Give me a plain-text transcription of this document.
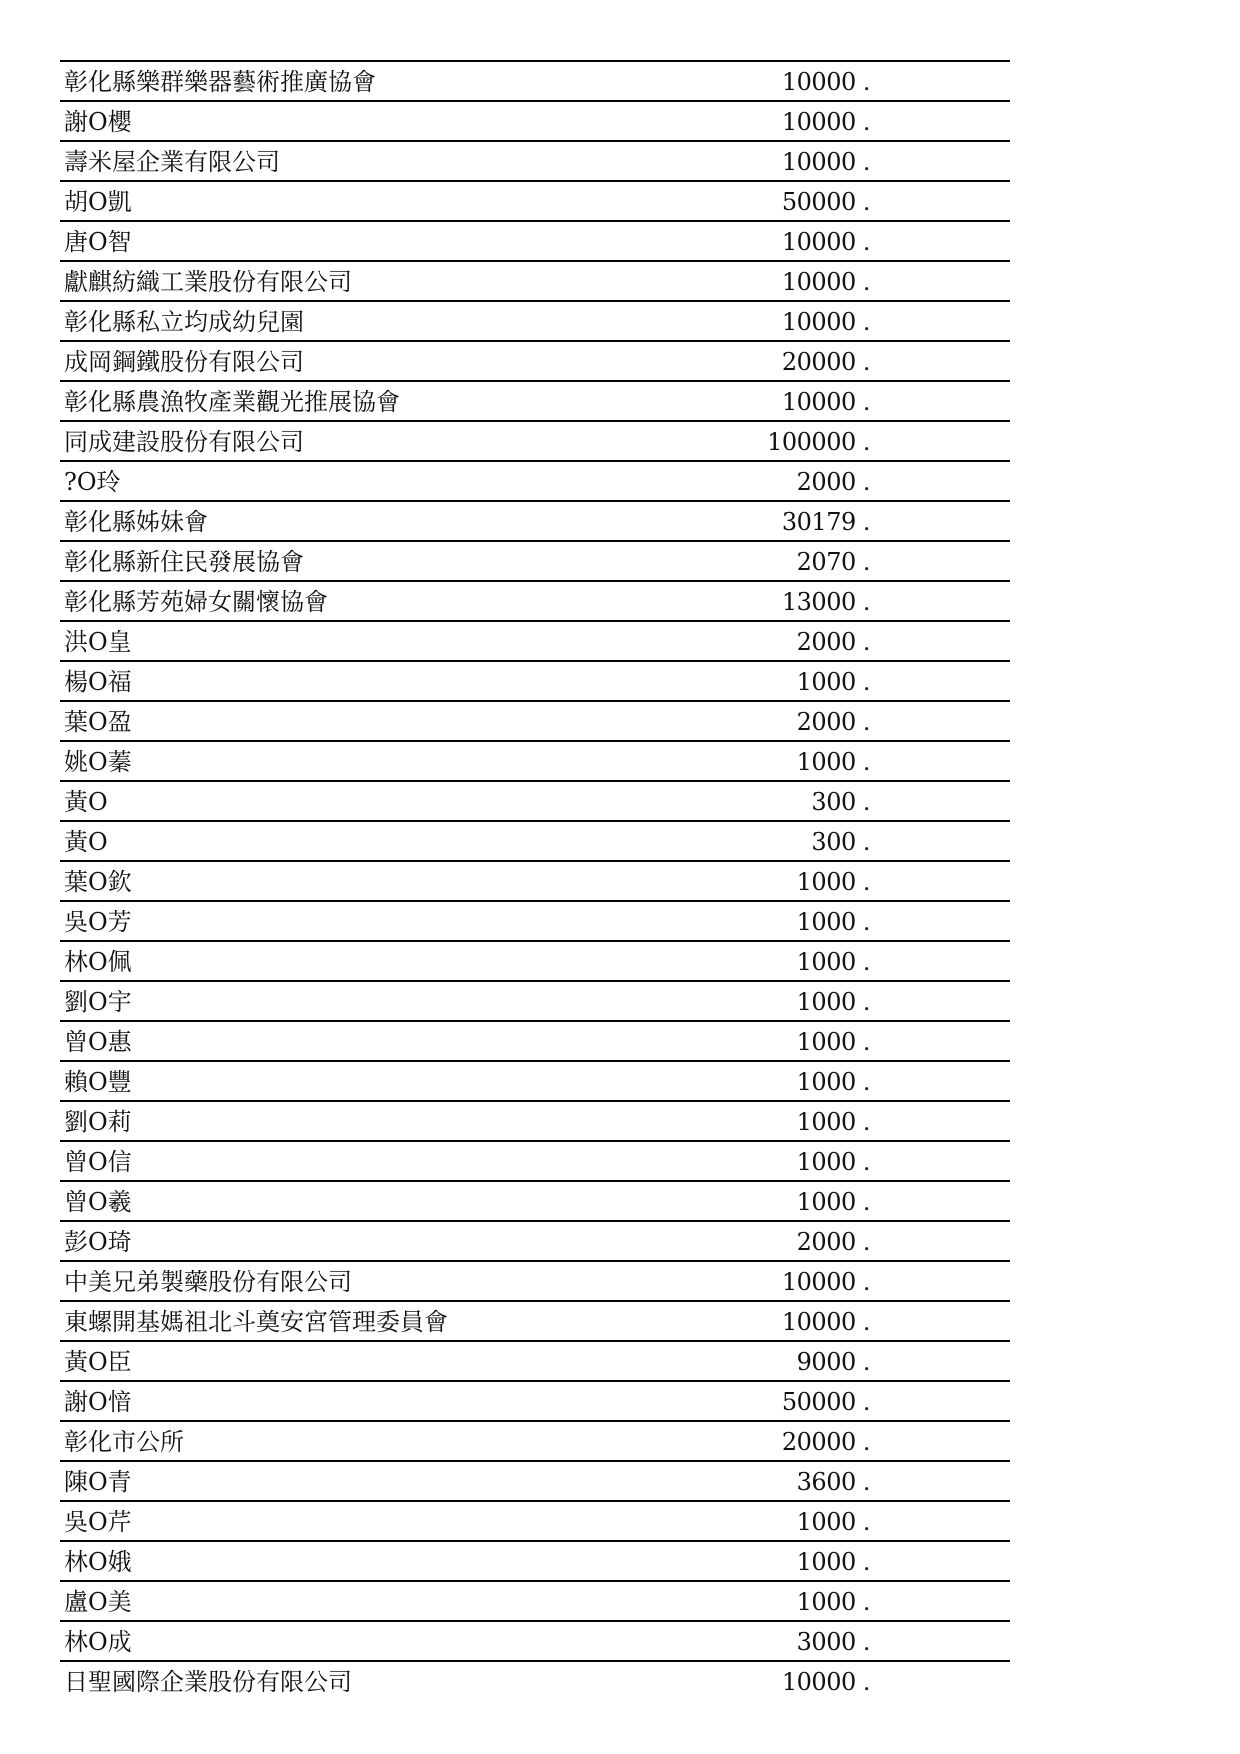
彰化縣樂群樂器藝術推廣協會	10000 .
謝O櫻	10000 .
壽米屋企業有限公司	10000 .
胡O凱	50000 .
唐O智	10000 .
獻麒紡織工業股份有限公司	10000 .
彰化縣私立均成幼兒園	10000 .
成岡鋼鐵股份有限公司	20000 .
彰化縣農漁牧產業觀光推展協會	10000 .
同成建設股份有限公司	100000 .
?O玲	2000 .
彰化縣姊妹會	30179 .
彰化縣新住民發展協會	2070 .
彰化縣芳苑婦女關懷協會	13000 .
洪O皇	2000 .
楊O福	1000 .
葉O盈	2000 .
姚O蓁	1000 .
黃O	300 .
黃O	300 .
葉O欽	1000 .
吳O芳	1000 .
林O佩	1000 .
劉O宇	1000 .
曾O惠	1000 .
賴O豐	1000 .
劉O莉	1000 .
曾O信	1000 .
曾O羲	1000 .
彭O琦	2000 .
中美兄弟製藥股份有限公司	10000 .
東螺開基媽祖北斗奠安宮管理委員會	10000 .
黃O臣	9000 .
謝O愔	50000 .
彰化市公所	20000 .
陳O青	3600 .
吳O芹	1000 .
林O娥	1000 .
盧O美	1000 .
林O成	3000 .
日聖國際企業股份有限公司	10000 .
